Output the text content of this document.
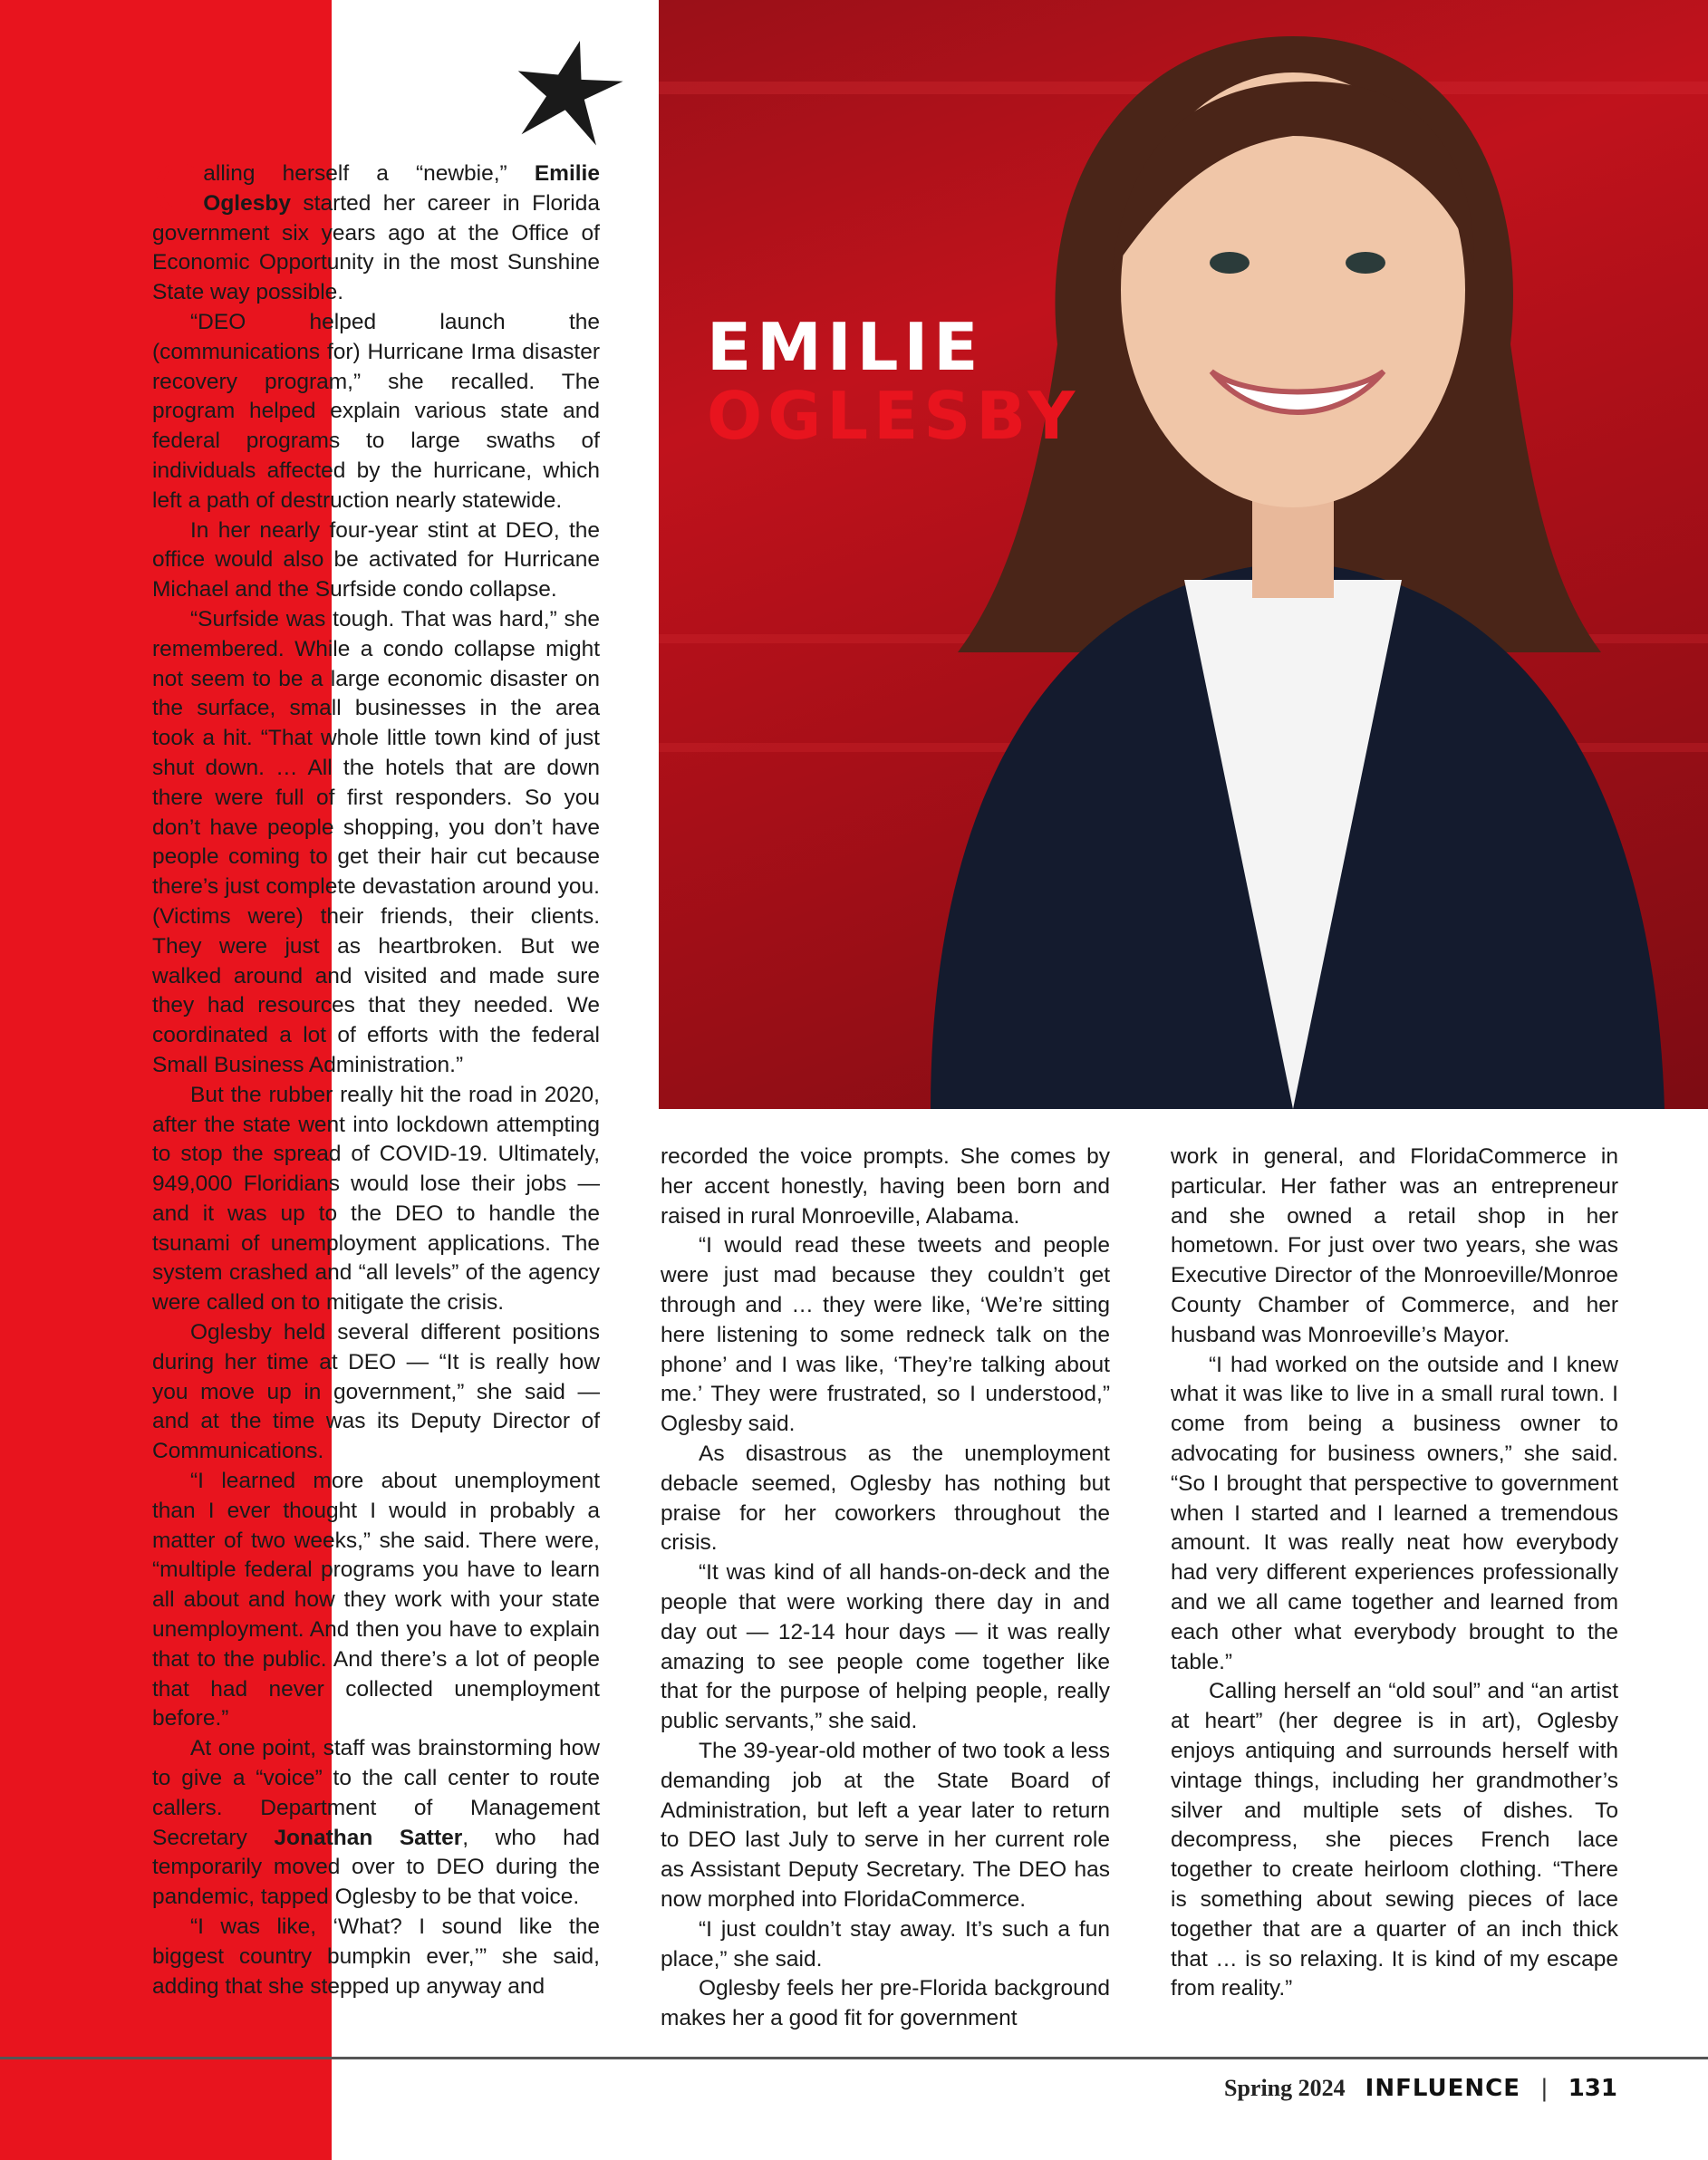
EMILIE
OGLESBY

Calling herself a “newbie,” Emilie Oglesby started her career in Florida government six years ago at the Office of Economic Opportunity in the most Sunshine State way possible.

“DEO helped launch the (communications for) Hurricane Irma disaster recovery program,” she recalled. The program helped explain various state and federal programs to large swaths of individuals affected by the hurricane, which left a path of destruction nearly statewide.

In her nearly four-year stint at DEO, the office would also be activated for Hurricane Michael and the Surfside condo collapse.

“Surfside was tough. That was hard,” she remembered. While a condo collapse might not seem to be a large economic disaster on the surface, small businesses in the area took a hit. “That whole little town kind of just shut down. … All the hotels that are down there were full of first responders. So you don’t have people shopping, you don’t have people coming to get their hair cut because there’s just complete devastation around you. (Victims were) their friends, their clients. They were just as heartbroken. But we walked around and visited and made sure they had resources that they needed. We coordinated a lot of efforts with the federal Small Business Administration.”

But the rubber really hit the road in 2020, after the state went into lockdown attempting to stop the spread of COVID-19. Ultimately, 949,000 Floridians would lose their jobs — and it was up to the DEO to handle the tsunami of unemployment applications. The system crashed and “all levels” of the agency were called on to mitigate the crisis.

Oglesby held several different positions during her time at DEO — “It is really how you move up in government,” she said — and at the time was its Deputy Director of Communications.

“I learned more about unemployment than I ever thought I would in probably a matter of two weeks,” she said. There were, “multiple federal programs you have to learn all about and how they work with your state unemployment. And then you have to explain that to the public. And there’s a lot of people that had never collected unemployment before.”

At one point, staff was brainstorming how to give a “voice” to the call center to route callers. Department of Management Secretary Jonathan Satter, who had temporarily moved over to DEO during the pandemic, tapped Oglesby to be that voice.

“I was like, ‘What? I sound like the biggest country bumpkin ever,’” she said, adding that she stepped up anyway and

recorded the voice prompts. She comes by her accent honestly, having been born and raised in rural Monroeville, Alabama.

“I would read these tweets and people were just mad because they couldn’t get through and … they were like, ‘We’re sitting here listening to some redneck talk on the phone’ and I was like, ‘They’re talking about me.’ They were frustrated, so I understood,” Oglesby said.

As disastrous as the unemployment debacle seemed, Oglesby has nothing but praise for her coworkers throughout the crisis.

“It was kind of all hands-on-deck and the people that were working there day in and day out — 12-14 hour days — it was really amazing to see people come together like that for the purpose of helping people, really public servants,” she said.

The 39-year-old mother of two took a less demanding job at the State Board of Administration, but left a year later to return to DEO last July to serve in her current role as Assistant Deputy Secretary. The DEO has now morphed into FloridaCommerce.

“I just couldn’t stay away. It’s such a fun place,” she said.

Oglesby feels her pre-Florida background makes her a good fit for government

work in general, and FloridaCommerce in particular. Her father was an entrepreneur and she owned a retail shop in her hometown. For just over two years, she was Executive Director of the Monroeville/Monroe County Chamber of Commerce, and her husband was Monroeville’s Mayor.

“I had worked on the outside and I knew what it was like to live in a small rural town. I come from being a business owner to advocating for business owners,” she said. “So I brought that perspective to government when I started and I learned a tremendous amount. It was really neat how everybody had very different experiences professionally and we all came together and learned from each other what everybody brought to the table.”

Calling herself an “old soul” and “an artist at heart” (her degree is in art), Oglesby enjoys antiquing and surrounds herself with vintage things, including her grandmother’s silver and multiple sets of dishes. To decompress, she pieces French lace together to create heirloom clothing. “There is something about sewing pieces of lace together that are a quarter of an inch thick that … is so relaxing. It is kind of my escape from reality.”

Spring 2024 INFLUENCE | 131
